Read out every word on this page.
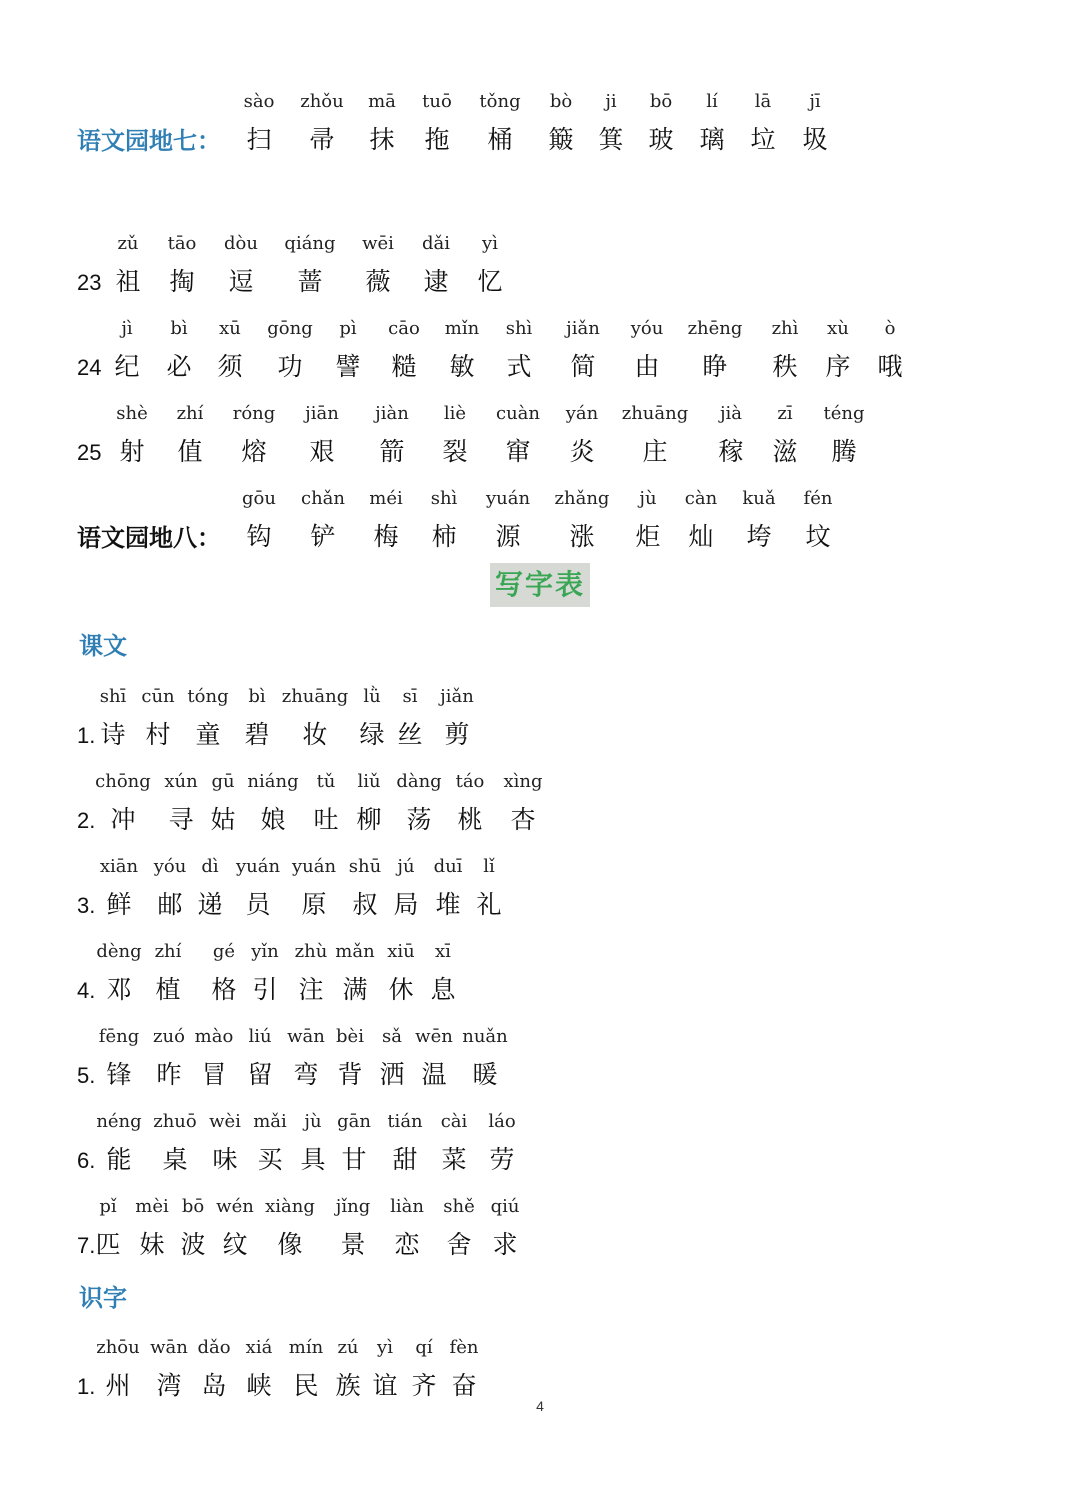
语文园地七：
sào
扫
zhǒu
帚
mā
抹
tuō
拖
tǒng
桶
bò
簸
ji
箕
bō
玻
lí
璃
lā
垃
jī
圾
23
zǔ
祖
tāo
掏
dòu
逗
qiáng
蔷
wēi
薇
dǎi
逮
yì
忆
24
jì
纪
bì
必
xū
须
gōng
功
pì
譬
cāo
糙
mǐn
敏
shì
式
jiǎn
简
yóu
由
zhēng
睁
zhì
秩
xù
序
ò
哦
25
shè
射
zhí
值
róng
熔
jiān
艰
jiàn
箭
liè
裂
cuàn
窜
yán
炎
zhuāng
庄
jià
稼
zī
滋
téng
腾
语文园地八：
gōu
钩
chǎn
铲
méi
梅
shì
柿
yuán
源
zhǎng
涨
jù
炬
càn
灿
kuǎ
垮
fén
坟
1.
shī
诗
cūn
村
tóng
童
bì
碧
zhuāng
妆
lǜ
绿
sī
丝
jiǎn
剪
2.
chōng
冲
xún
寻
gū
姑
niáng
娘
tǔ
吐
liǔ
柳
dàng
荡
táo
桃
xìng
杏
3.
xiān
鲜
yóu
邮
dì
递
yuán
员
yuán
原
shū
叔
jú
局
duī
堆
lǐ
礼
4.
dèng
邓
zhí
植
gé
格
yǐn
引
zhù
注
mǎn
满
xiū
休
xī
息
5.
fēng
锋
zuó
昨
mào
冒
liú
留
wān
弯
bèi
背
sǎ
洒
wēn
温
nuǎn
暖
6.
néng
能
zhuō
桌
wèi
味
mǎi
买
jù
具
gān
甘
tián
甜
cài
菜
láo
劳
7.
pǐ
匹
mèi
妹
bō
波
wén
纹
xiàng
像
jǐng
景
liàn
恋
shě
舍
qiú
求
1.
zhōu
州
wān
湾
dǎo
岛
xiá
峡
mín
民
zú
族
yì
谊
qí
齐
fèn
奋
写字表
课文
识字
4
